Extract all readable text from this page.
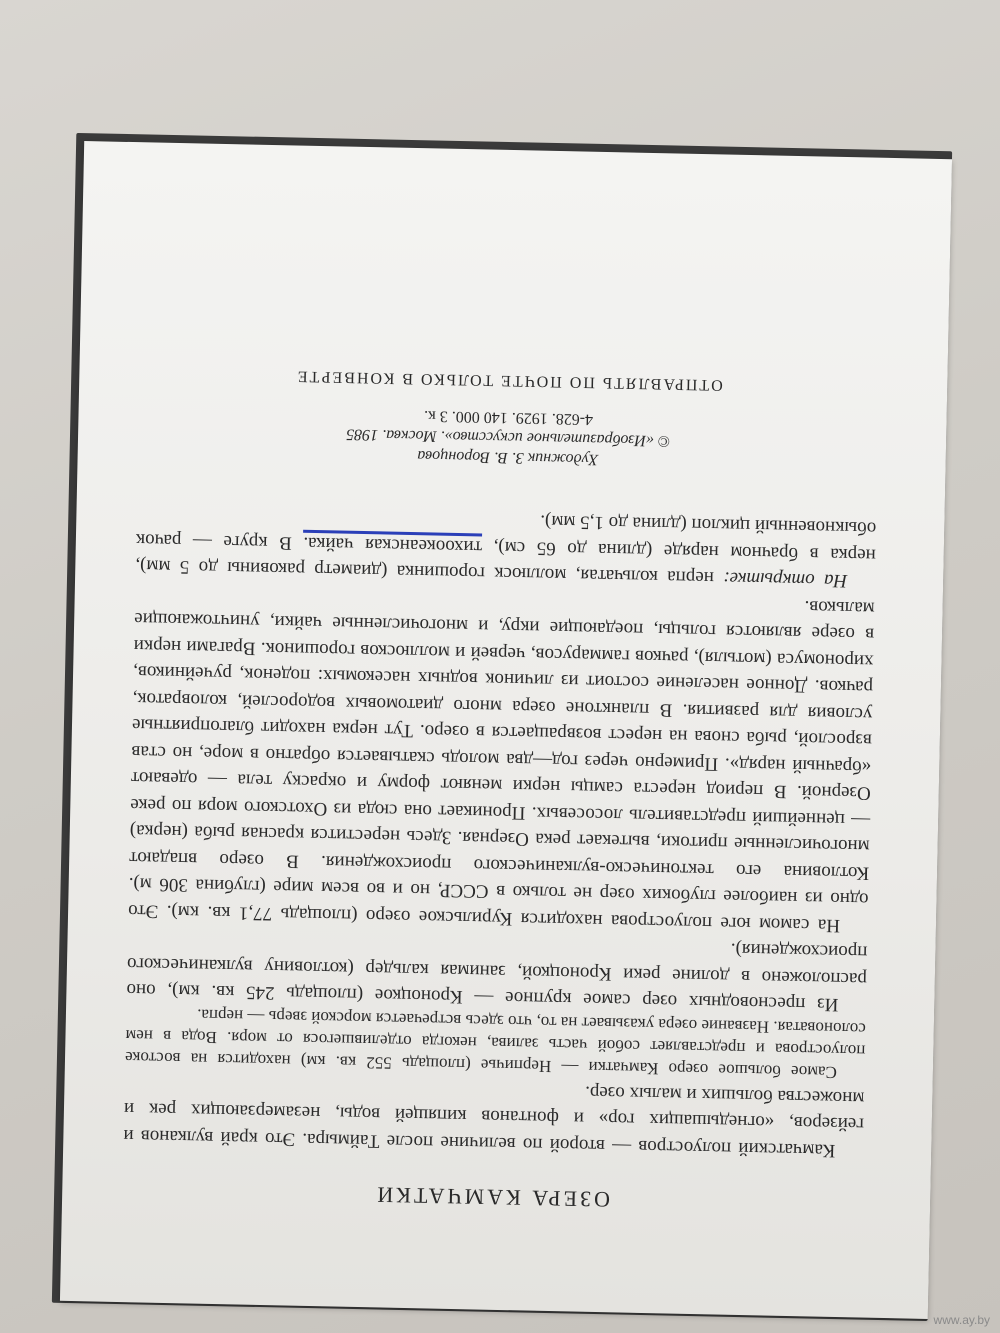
ОЗЕРА КАМЧАТКИ

Камчатский полуостров — второй по величине после Таймыра. Это край вулканов и гейзеров, «огнедышащих гор» и фонтанов кипящей воды, незамерзающих рек и множества больших и малых озер.

Самое большое озеро Камчатки — Нерпичье (площадь 552 кв. км) находится на востоке полуострова и представляет собой часть залива, некогда отделившегося от моря. Вода в нем солоноватая. Название озера указывает на то, что здесь встречается морской зверь — нерпа.

Из пресноводных озер самое крупное — Кроноцкое (площадь 245 кв. км), оно расположено в долине реки Кроноцкой, занимая кальдер (котловину вулканического происхождения).

На самом юге полуострова находится Курильское озеро (площадь 77,1 кв. км). Это одно из наиболее глубоких озер не только в СССР, но и во всем мире (глубина 306 м). Котловина его тектоническо-вулканического происхождения. В озеро впадают многочисленные притоки, вытекает река Озерная. Здесь нерестится красная рыба (нерка) — ценнейший представитель лососевых. Проникает она сюда из Охотского моря по реке Озерной. В период нереста самцы нерки меняют форму и окраску тела — одевают «брачный наряд». Примерно через год—два молодь скатывается обратно в море, но став взрослой, рыба снова на нерест возвращается в озеро. Тут нерка находит благоприятные условия для развития. В планктоне озера много диатомовых водорослей, коловраток, рачков. Донное население состоит из личинок водных насекомых: поденок, ручейников, хирономуса (мотыля), рачков гаммарусов, червей и моллюсков горошинок. Врагами нерки в озере являются гольцы, поедающие икру, и многочисленные чайки, уничтожающие мальков.

На открытке: нерпа кольчатая, моллюск горошинка (диаметр раковины до 5 мм), нерка в брачном наряде (длина до 65 см), тихоокеанская чайка. В круге — рачок обыкновенный циклоп (длина до 1,5 мм).

Художник З. В. Воронцова
© «Изобразительное искусство». Москва. 1985
4-628. 1929. 140 000. 3 к.
ОТПРАВЛЯТЬ ПО ПОЧТЕ ТОЛЬКО В КОНВЕРТЕ
www.ay.by
